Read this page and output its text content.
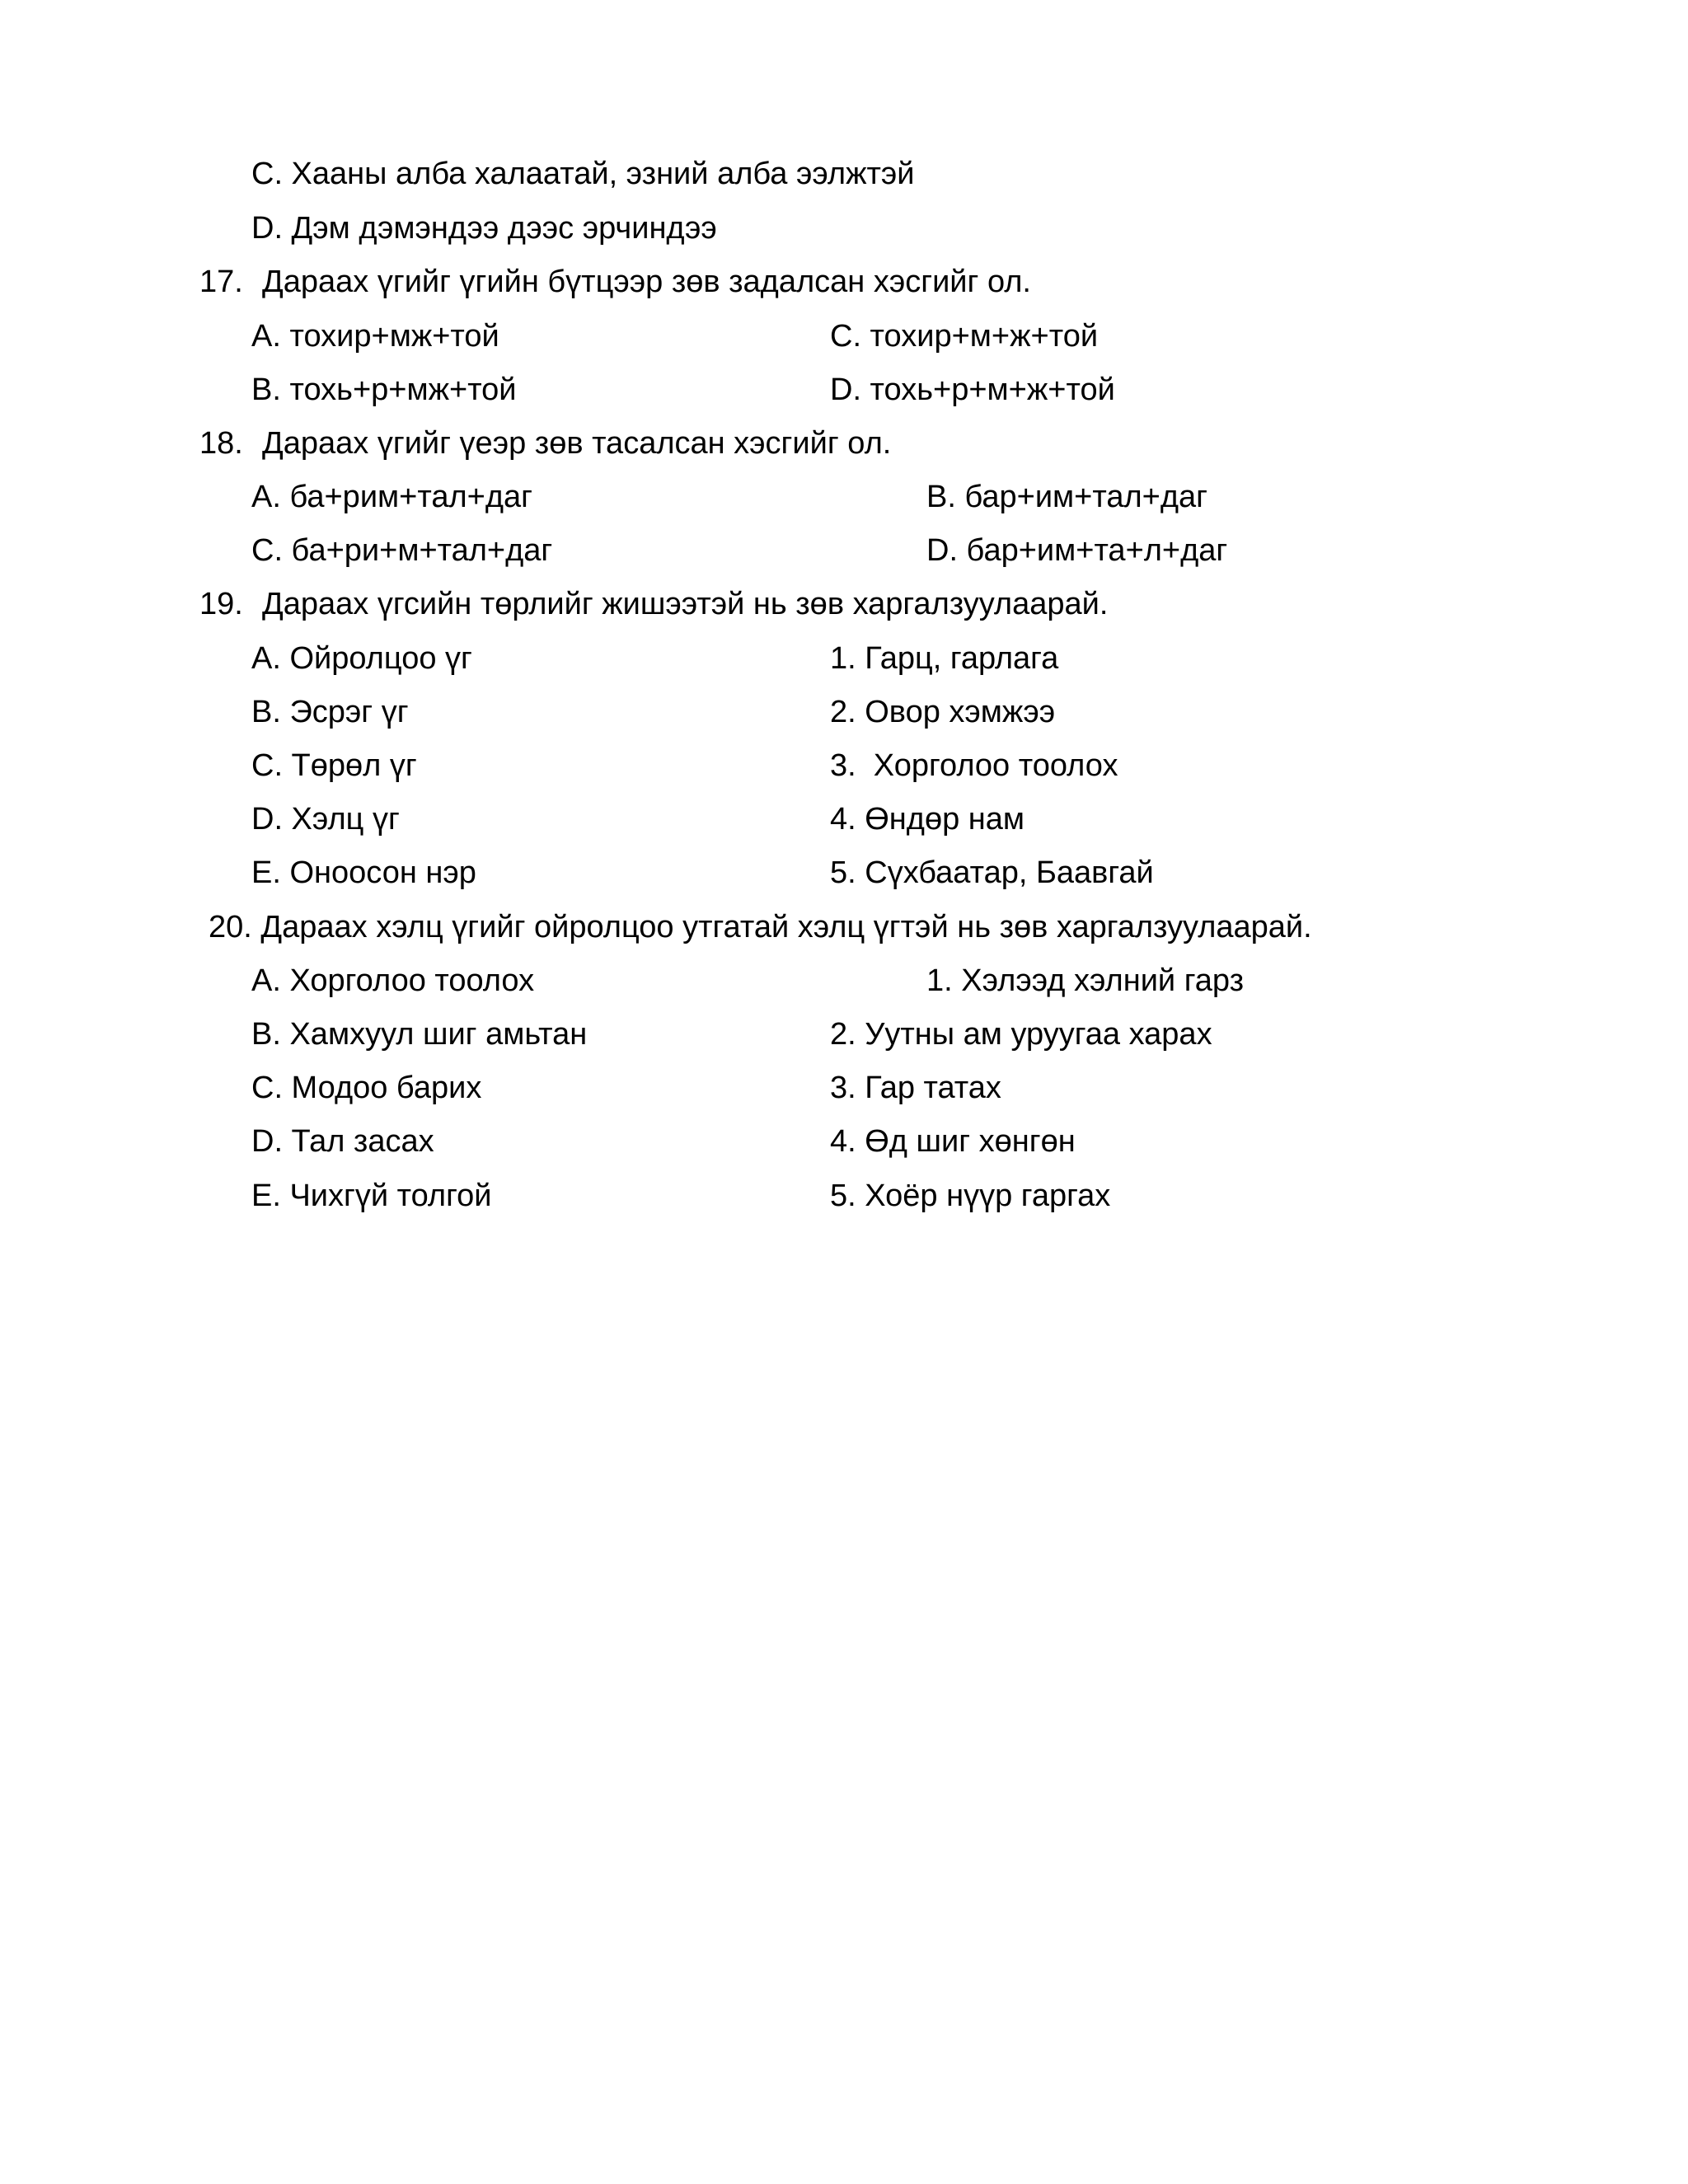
C. Хааны алба халаатай, эзний алба ээлжтэй
D. Дэм дэмэндээ дээс эрчиндээ
17. Дараах үгийг үгийн бүтцээр зөв задалсан хэсгийг ол.
A. тохир+мж+той	C. тохир+м+ж+той
B. тохь+р+мж+той	D. тохь+р+м+ж+той
18. Дараах үгийг үеэр зөв тасалсан хэсгийг ол.
A. ба+рим+тал+даг	B. бар+им+тал+даг
C. ба+ри+м+тал+даг	D. бар+им+та+л+даг
19. Дараах үгсийн төрлийг жишээтэй нь зөв харгалзуулаарай.
A. Ойролцоо үг	1. Гарц, гарлага
B. Эсрэг үг	2. Овор хэмжээ
C. Төрөл үг	3.  Хорголоо тоолох
D. Хэлц үг	4. Өндөр нам
E. Оноосон нэр	5. Сүхбаатар, Баавгай
20. Дараах хэлц үгийг ойролцоо утгатай хэлц үгтэй нь зөв харгалзуулаарай.
A. Хорголоо тоолох	1. Хэлээд хэлний гарз
B. Хамхуул шиг амьтан	2. Уутны ам уруугаа харах
C. Модоо барих	3. Гар татах
D. Тал засах	4. Өд шиг хөнгөн
E. Чихгүй толгой	5. Хоёр нүүр гаргах
